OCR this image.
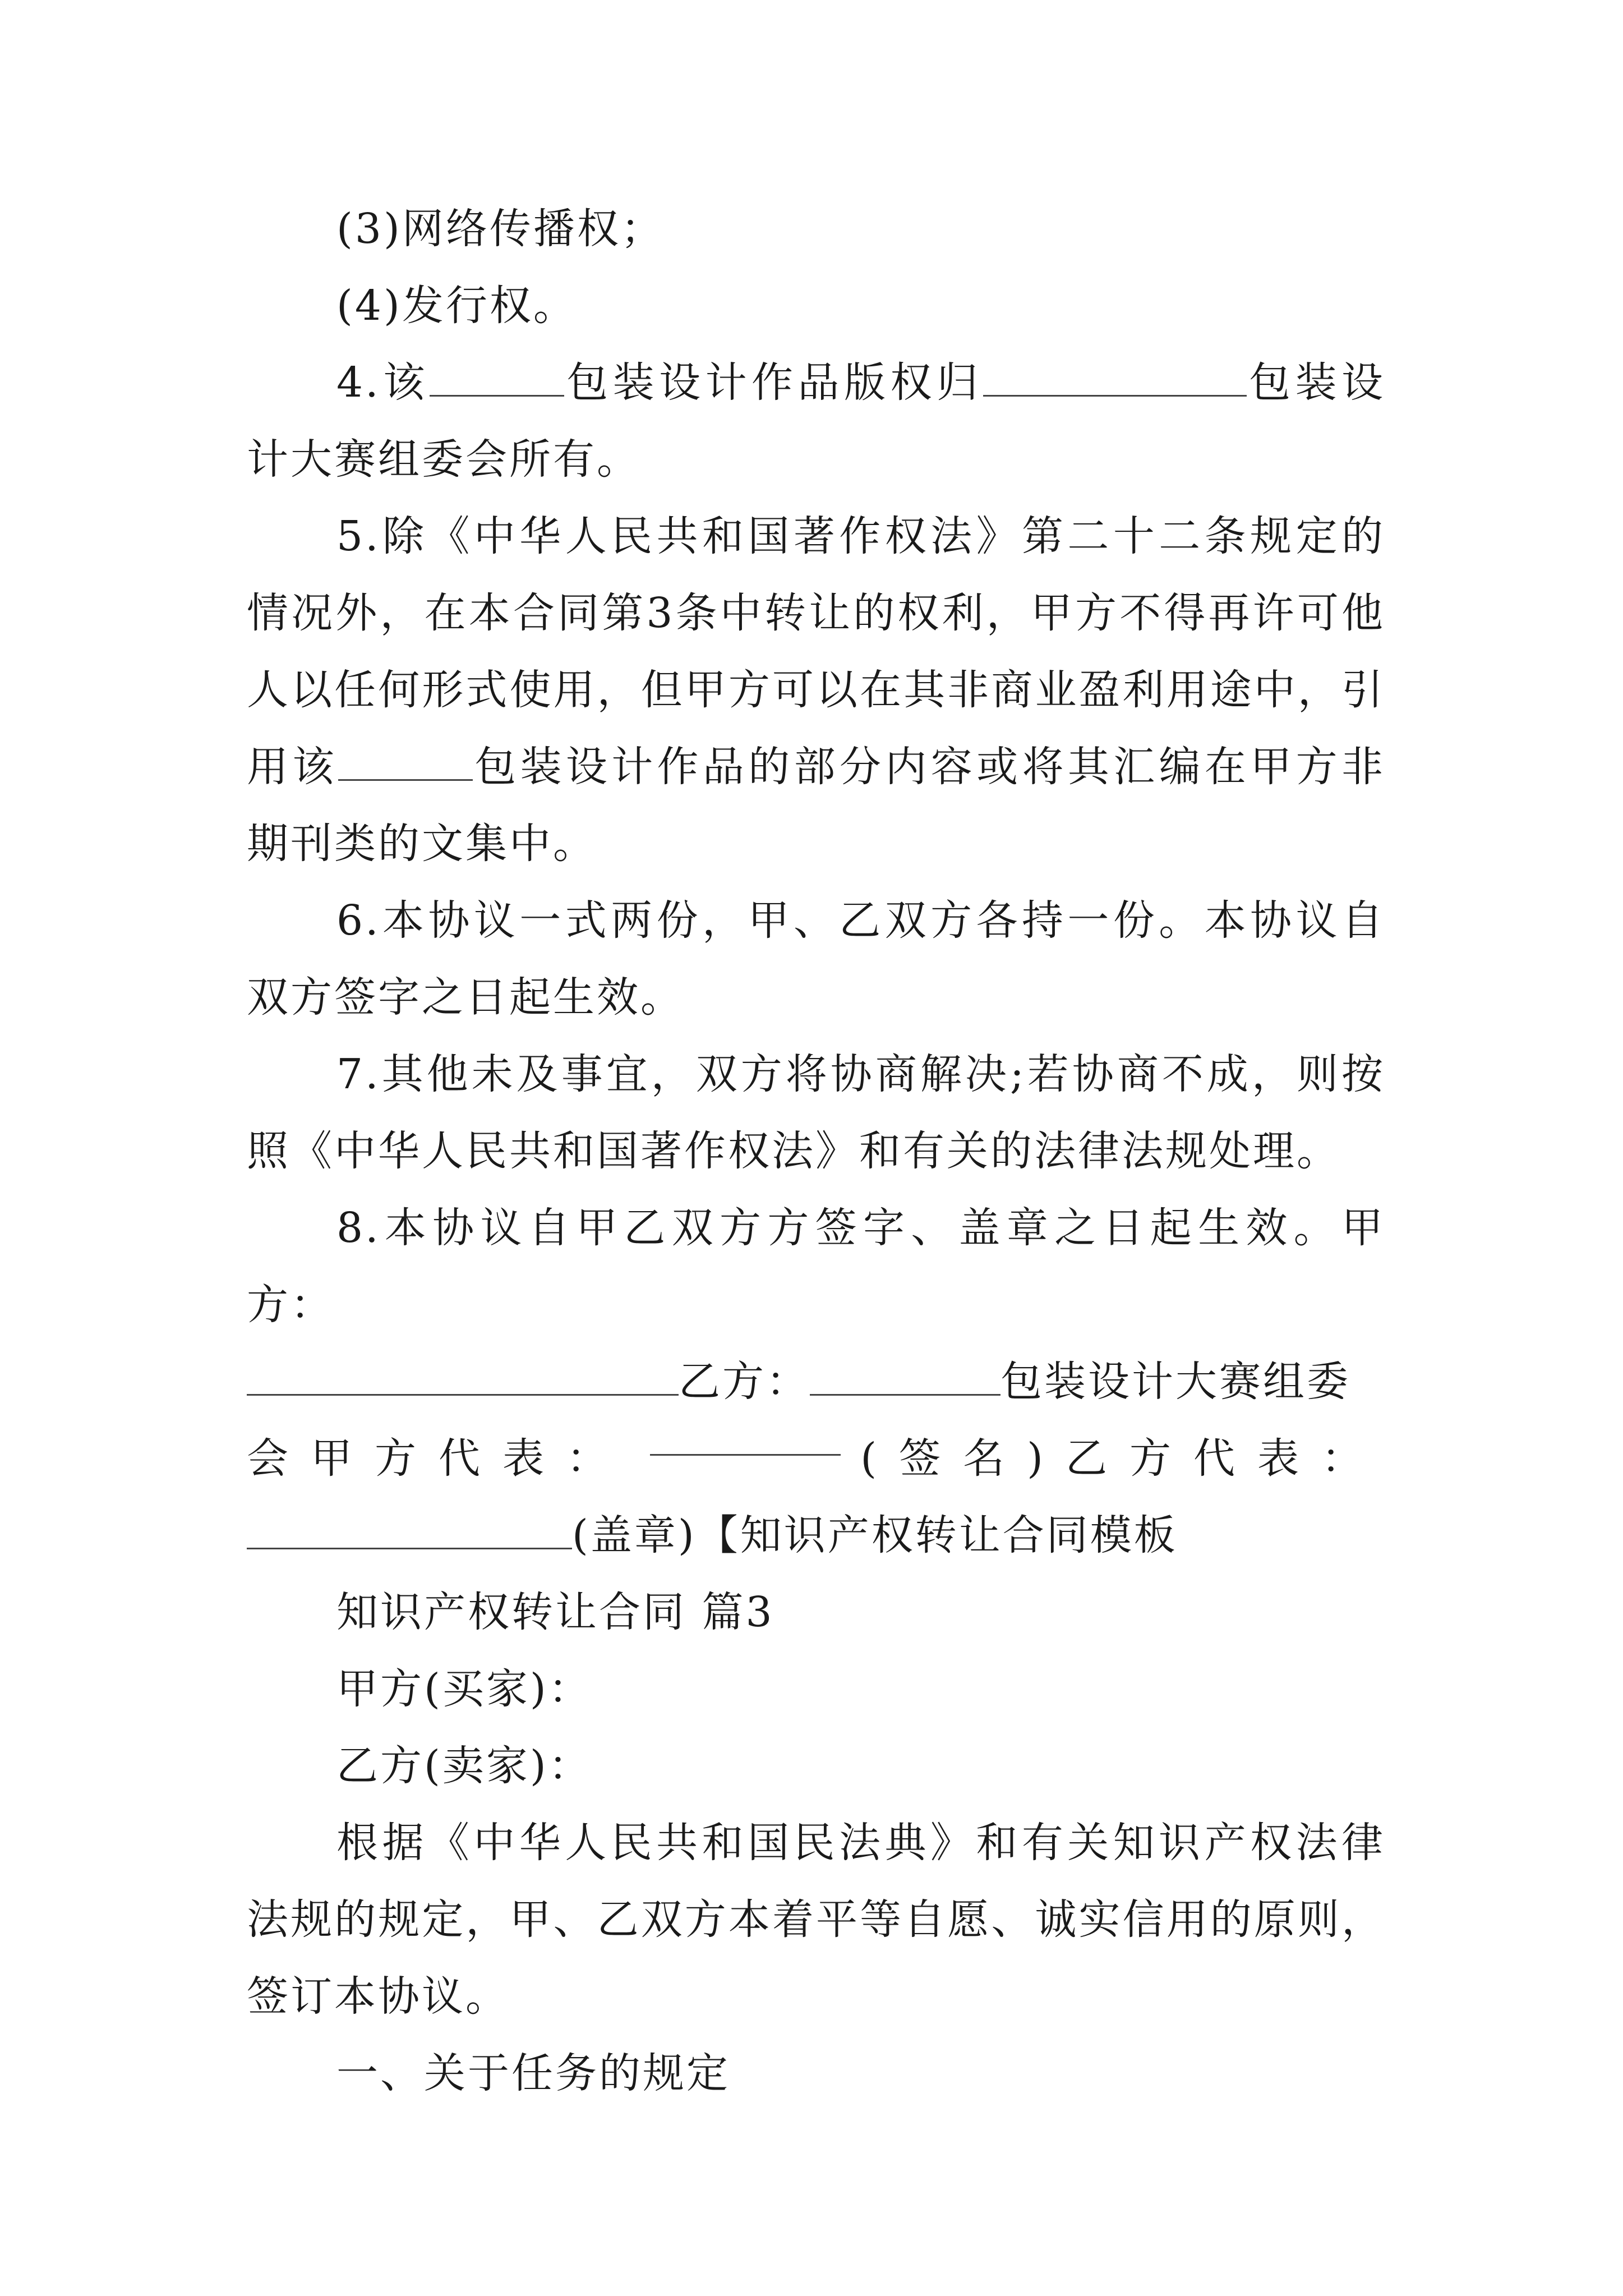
(3)网络传播权；

(4)发行权。

4.该	包装设计作品版权归	包装设计大赛组委会所有。

5.除《中华人民共和国著作权法》第二十二条规定的情况外，在本合同第3条中转让的权利，甲方不得再许可他人以任何形式使用，但甲方可以在其非商业盈利用途中，引用该	包装设计作品的部分内容或将其汇编在甲方非期刊类的文集中。

6.本协议一式两份，甲、乙双方各持一份。本协议自双方签字之日起生效。

7.其他未及事宜，双方将协商解决;若协商不成，则按照《中华人民共和国著作权法》和有关的法律法规处理。

8.本协议自甲乙双方方签字、盖章之日起生效。甲方：

乙方：	包装设计大赛组委

会甲方代表：	(签名)乙方代表：

(盖章)【知识产权转让合同模板

知识产权转让合同 篇3

甲方(买家)：

乙方(卖家)：

根据《中华人民共和国民法典》和有关知识产权法律法规的规定，甲、乙双方本着平等自愿、诚实信用的原则，签订本协议。

一、关于任务的规定
